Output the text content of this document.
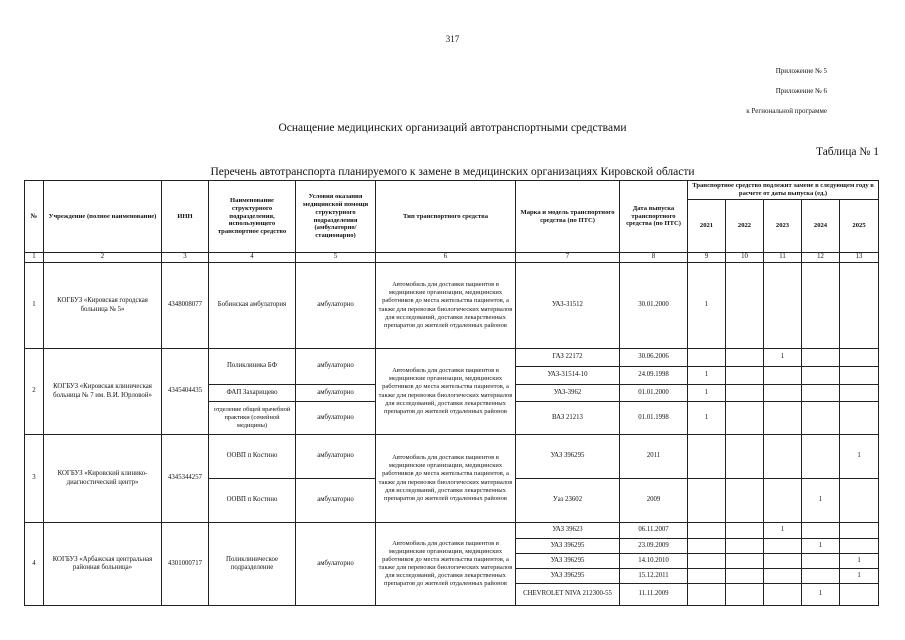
317
Приложение № 5
Приложение № 6
к Региональной программе
Оснащение медицинских организаций автотранспортными средствами
Таблица № 1
Перечень автотранспорта планируемого к замене в медицинских организациях Кировской области
№	Учреждение (полное наименование)	ИНН	Наименование структурного подразделения, использующего транспортное средство	Условия оказания медицинской помощи структурного подразделения (амбулаторно/стационарно)	Тип транспортного средства	Марка и модель транспортного средства (по ПТС)	Дата выпуска транспортного средства (по ПТС)	Транспортное средство подлежит замене в следующем году в расчете от даты выпуска (ед.)				
								2021	2022	2023	2024	2025
1	2	3	4	5	6	7	8	9	10	11	12	13
1	КОГБУЗ «Кировская городская больница № 5»	4348008077	Бобинская амбулатория	амбулаторно	Автомобиль для доставки пациентов в медицинские организации, медицинских работников до места жительства пациентов, а также для перевозки биологических материалов для исследований, доставки лекарственных препаратов до жителей отдаленных районов	УАЗ-31512	30.01.2000	1				
2	КОГБУЗ «Кировская клиническая больница № 7 им. В.И. Юрловой»	4345404435	Поликлиника БФ	амбулаторно	Автомобиль для доставки пациентов в медицинские организации, медицинских работников до места жительства пациентов, а также для перевозки биологических материалов для исследований, доставки лекарственных препаратов до жителей отдаленных районов	ГАЗ 22172	30.06.2006			1		
						УАЗ-31514-10	24.09.1998	1				
			ФАП Захарищево	амбулаторно		УАЗ-3962	01.01.2000	1				
			отделение общей врачебной практики (семейной медицины)	амбулаторно		ВАЗ 21213	01.01.1998	1				
3	КОГБУЗ «Кировский клинико-диагностический центр»	4345344257	ООВП п Костино	амбулаторно	Автомобиль для доставки пациентов в медицинские организации, медицинских работников до места жительства пациентов, а также для перевозки биологических материалов для исследований, доставки лекарственных препаратов до жителей отдаленных районов	УАЗ 396295	2011					1
			ООВП п Костино	амбулаторно		Уаз 23602	2009				1	
4	КОГБУЗ «Арбажская центральная районная больница»	4301000717	Поликлиническое подразделение	амбулаторно	Автомобиль для доставки пациентов в медицинские организации, медицинских работников до места жительства пациентов, а также для перевозки биологических материалов для исследований, доставки лекарственных препаратов до жителей отдаленных районов	УАЗ 39623	06.11.2007			1		
						УАЗ 396295	23.09.2009				1	
						УАЗ 396295	14.10.2010					1
						УАЗ 396295	15.12.2011					1
						CHEVROLET NIVA 212300-55	11.11.2009				1	
